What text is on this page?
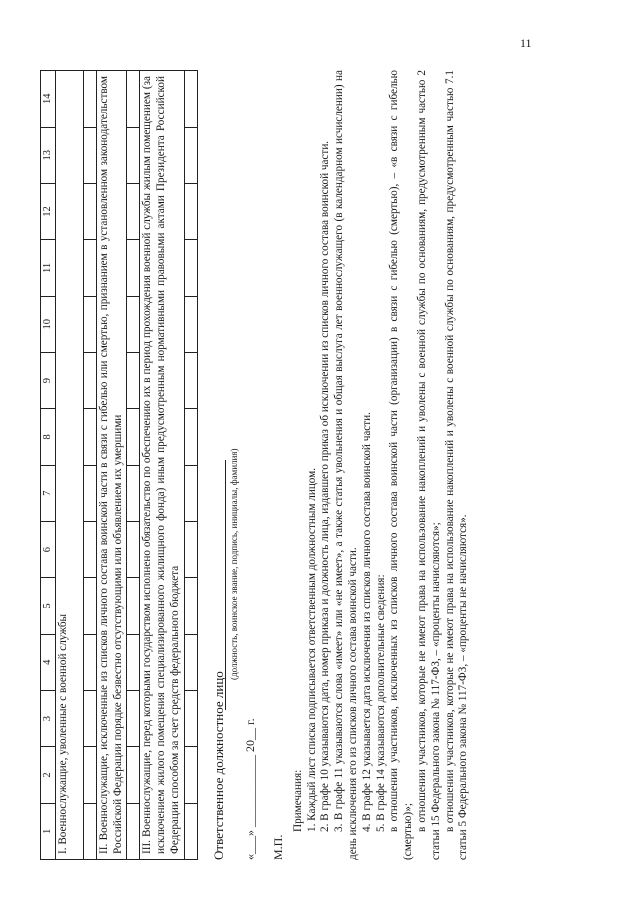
11
1	2	3	4	5	6	7	8	9	10	11	12	13	14
I. Военнослужащие, уволенные с военной службы													

II. Военнослужащие, исключенные из списков личного состава воинской части в связи с гибелью или смертью, признанием в установленном законодательством Российской Федерации порядке безвестно отсутствующими или объявлением их умершими													

III. Военнослужащие, перед которыми государством исполнено обязательство по обеспечению их в период прохождения военной службы жилым помещением (за исключением жилого помещения специализированного жилищного фонда) иным предусмотренным нормативными правовыми актами Президента Российской Федерации способом за счет средств федерального бюджета													
													Ответственное должностное лицо
(должность, воинское звание, подпись, инициалы, фамилия)
«___» ____________ 20__ г. М.П.

Примечания: 1. Каждый лист списка подписывается ответственным должностным лицом. 2. В графе 10 указываются дата, номер приказа и должность лица, издавшего приказ об исключении из списков личного состава воинской части. 3. В графе 11 указываются слова «имеет» или «не имеет», а также статья увольнения и общая выслуга лет военнослужащего (в календарном исчислении) на день исключения его из списков личного состава воинской части. 4. В графе 12 указывается дата исключения из списков личного состава воинской части. 5. В графе 14 указываются дополнительные сведения: в отношении участников, исключенных из списков личного состава воинской части (организации) в связи с гибелью (смертью), – «в связи с гибелью (смертью)»; в отношении участников, которые не имеют права на использование накоплений и уволены с военной службы по основаниям, предусмотренным частью 2 статьи 15 Федерального закона № 117-ФЗ, – «проценты начисляются»; в отношении участников, которые не имеют права на использование накоплений и уволены с военной службы по основаниям, предусмотренным частью 7.1 статьи 5 Федерального закона № 117-ФЗ, – «проценты не начисляются».
